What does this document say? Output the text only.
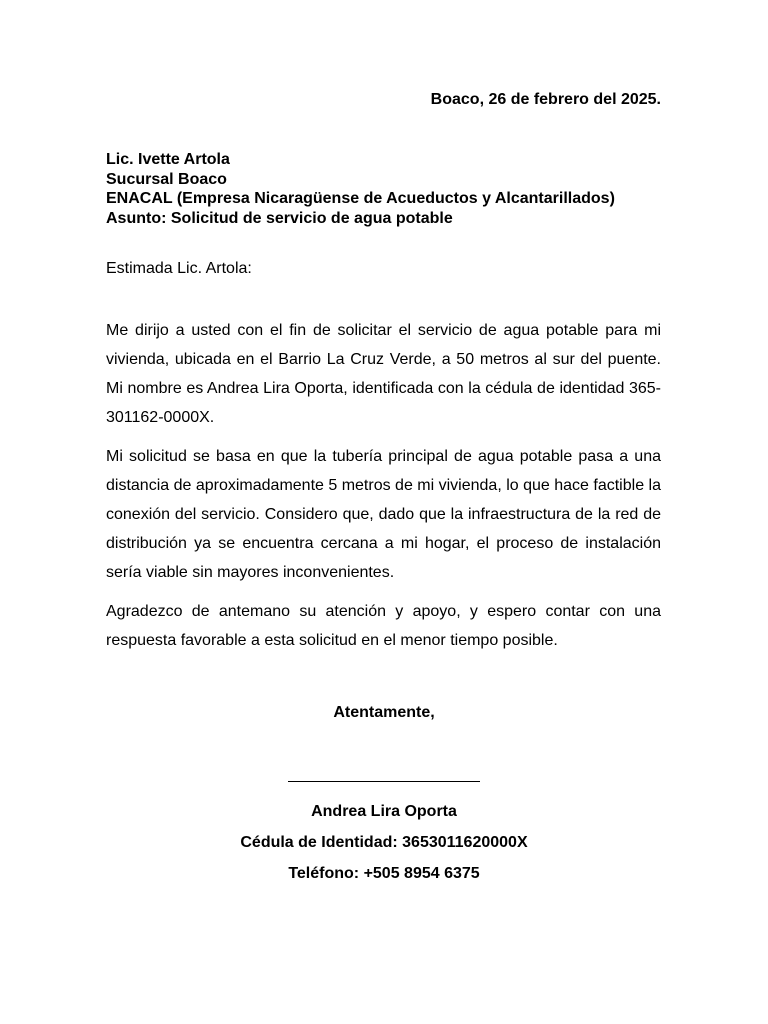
Boaco, 26 de febrero del 2025.
Lic. Ivette Artola
Sucursal Boaco
ENACAL (Empresa Nicaragüense de Acueductos y Alcantarillados)
Asunto: Solicitud de servicio de agua potable
Estimada Lic. Artola:

Me dirijo a usted con el fin de solicitar el servicio de agua potable para mi vivienda, ubicada en el Barrio La Cruz Verde, a 50 metros al sur del puente. Mi nombre es Andrea Lira Oporta, identificada con la cédula de identidad 365-301162-0000X.

Mi solicitud se basa en que la tubería principal de agua potable pasa a una distancia de aproximadamente 5 metros de mi vivienda, lo que hace factible la conexión del servicio. Considero que, dado que la infraestructura de la red de distribución ya se encuentra cercana a mi hogar, el proceso de instalación sería viable sin mayores inconvenientes.

Agradezco de antemano su atención y apoyo, y espero contar con una respuesta favorable a esta solicitud en el menor tiempo posible.

Atentamente,
Andrea Lira Oporta
Cédula de Identidad: 3653011620000X
Teléfono: +505 8954 6375
